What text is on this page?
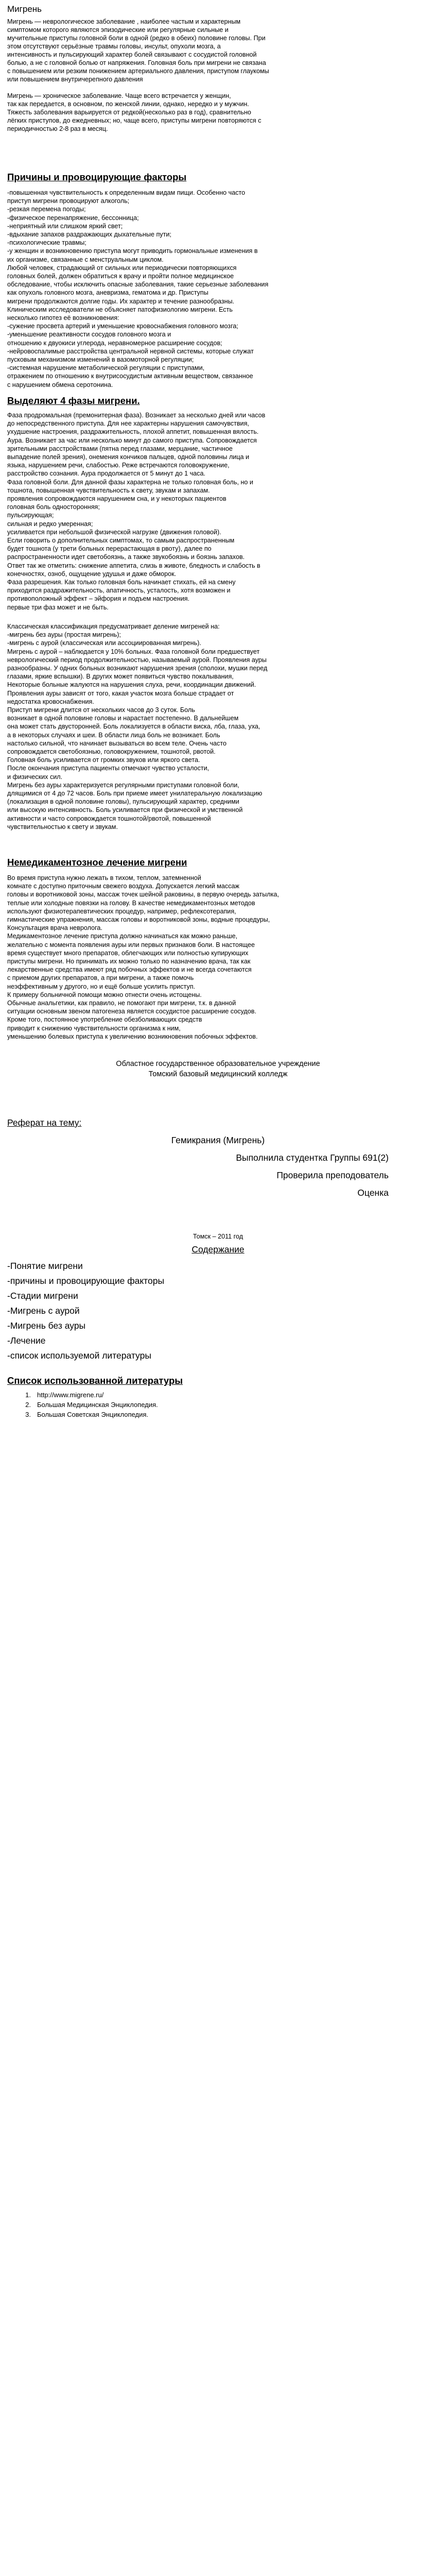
Мигрень
Мигрень — неврологическое заболевание , наиболее частым и характерным
симптомом которого являются эпизодические или регулярные сильные и
мучительные приступы головной боли в одной (редко в обеих) половине головы. При
этом отсутствуют серьёзные травмы головы, инсульт, опухоли мозга, а
интенсивность и пульсирующий характер болей связывают с сосудистой головной
болью, а не с головной болью от напряжения. Головная боль при мигрени не связана
с повышением или резким понижением артериального давления, приступом глаукомы
или повышением внутричерепного давления
Мигрень — хроническое заболевание. Чаще всего встречается у женщин,
так как передается, в основном, по женской линии, однако, нередко и у мужчин.
Тяжесть заболевания варьируется от редкой(несколько раз в год), сравнительно
лёгких приступов, до ежедневных; но, чаще всего, приступы мигрени повторяются с
периодичностью 2-8 раз в месяц.
Причины и провоцирующие факторы
-повышенная чувствительность к определенным видам пищи. Особенно часто
приступ мигрени провоцируют алкоголь;
-резкая перемена погоды;
-физическое перенапряжение, бессонница;
-неприятный или слишком яркий свет;
-вдыхание запахов раздражающих дыхательные пути;
-психологические травмы;
-у женщин и возникновению приступа могут приводить гормональные изменения в
их организме, связанные с менструальным циклом.
Любой человек, страдающий от сильных или периодически повторяющихся
головных болей, должен обратиться к врачу и пройти полное медицинское
обследование, чтобы исключить опасные заболевания, такие серьезные заболевания
как опухоль головного мозга, аневризма, гематома и др. Приступы
мигрени продолжаются долгие годы. Их характер и течение разнообразны.
Клиническим исследователи не объясняет патофизиологию мигрени. Есть
несколько гипотез её возникновения:
-сужение просвета артерий и уменьшение кровоснабжения головного мозга;
-уменьшение реактивности сосудов головного мозга и
отношению к двуокиси углерода, неравномерное расширение сосудов;
-нейровоспалимые расстройства центральной нервной системы, которые служат
пусковым механизмом изменений в вазомоторной регуляции;
-системная нарушение метаболической регуляции с приступами,
отражением по отношению к внутрисосудистым активным веществом, связанное
с нарушением обмена серотонина.
Выделяют 4 фазы мигрени.
Фаза продромальная (премонитерная фаза). Возникает за несколько дней или часов
до непосредственного приступа. Для нее характерны нарушения самочувствия,
ухудшение настроения, раздражительность, плохой аппетит, повышенная вялость.
Аура. Возникает за час или несколько минут до самого приступа. Сопровождается
зрительными расстройствами (пятна перед глазами, мерцание, частичное
выпадение полей зрения), онемения кончиков пальцев, одной половины лица и
языка, нарушением речи, слабостью. Реже встречаются головокружение,
расстройство сознания. Аура продолжается от 5 минут до 1 часа.
Фаза головной боли. Для данной фазы характерна не только головная боль, но и
тошнота, повышенная чувствительность к свету, звукам и запахам.
проявления сопровождаются нарушением сна, и у некоторых пациентов
головная боль односторонняя;
пульсирующая;
сильная и редко умеренная;
усиливается при небольшой физической нагрузке (движения головой).
Если говорить о дополнительных симптомах, то самым распространенным
будет тошнота (у трети больных перерастающая в рвоту), далее по
распространенности идет светобоязнь, а также звукобоязнь и боязнь запахов.
Ответ так же отметить: снижение аппетита, слизь в животе, бледность и слабость в
конечностях, озноб, ощущение удушья и даже обморок.
Фаза разрешения. Как только головная боль начинает стихать, ей на смену
приходится раздражительность, апатичность, усталость, хотя возможен и
противоположный эффект – эйфория и подъем настроения.
первые три фаз может и не быть.
Классическая классификация предусматривает деление мигреней на:
-мигрень без ауры (простая мигрень);
-мигрень с аурой (классическая или ассоциированная мигрень).
Мигрень с аурой – наблюдается у 10% больных. Фаза головной боли предшествует
неврологический период продолжительностью, называемый аурой. Проявления ауры
разнообразны. У одних больных возникают нарушения зрения (сполохи, мушки перед
глазами, яркие вспышки). В других может появиться чувство покалывания,
Некоторые больные жалуются на нарушения слуха, речи, координации движений.
Проявления ауры зависят от того, какая участок мозга больше страдает от
недостатка кровоснабжения.
Приступ мигрени длится от нескольких часов до 3 суток. Боль
возникает в одной половине головы и нарастает постепенно. В дальнейшем
она может стать двусторонней. Боль локализуется в области виска, лба, глаза, уха,
а в некоторых случаях и шеи. В области лица боль не возникает. Боль
настолько сильной, что начинает вызываться во всем теле. Очень часто
сопровождается светобоязнью, головокружением, тошнотой, рвотой.
Головная боль усиливается от громких звуков или яркого света.
После окончания приступа пациенты отмечают чувство усталости,
и физических сил.
Мигрень без ауры характеризуется регулярными приступами головной боли,
длящимися от 4 до 72 часов. Боль при приеме имеет унилатеральную локализацию
(локализация в одной половине головы), пульсирующий характер, средними
или высокую интенсивность. Боль усиливается при физической и умственной
активности и часто сопровождается тошнотой/рвотой, повышенной
чувствительностью к свету и звукам.
Немедикаментозное лечение мигрени
Во время приступа нужно лежать в тихом, теплом, затемненной
комнате с доступно приточным свежего воздуха. Допускается легкий массаж
головы и воротниковой зоны, массаж точек шейной раковины, в первую очередь затылка,
теплые или холодные повязки на голову. В качестве немедикаментозных методов
используют физиотерапевтических процедур, например, рефлексотерапия,
гимнастические упражнения, массаж головы и воротниковой зоны, водные процедуры,
Консультация врача невролога.
Медикаментозное лечение приступа должно начинаться как можно раньше,
желательно с момента появления ауры или первых признаков боли. В настоящее
время существует много препаратов, облегчающих или полностью купирующих
приступы мигрени. Но принимать их можно только по назначению врача, так как
лекарственные средства имеют ряд побочных эффектов и не всегда сочетаются
с приемом других препаратов, а при мигрени, а также помочь
неэффективным у другого, но и ещё больше усилить приступ.
К примеру больничной помощи можно отнести очень истощены.
Обычные анальгетики, как правило, не помогают при мигрени, т.к. в данной
ситуации основным звеном патогенеза является сосудистое расширение сосудов.
Кроме того, постоянное употребление обезболивающих средств
приводит к снижению чувствительности организма к ним,
уменьшению болевых приступа к увеличению возникновения побочных эффектов.
Областное государственное образовательное учреждение
Томский базовый медицинский колледж
Реферат на тему:
Гемикрания (Мигрень)
Выполнила студентка Группы 691(2)
Проверила преподователь
Оценка
Томск – 2011 год
Содержание
-Понятие мигрени
-причины и провоцирующие факторы
-Стадии мигрени
-Мигрень с аурой
-Мигрень без ауры
-Лечение
-список используемой литературы
Список использованной литературы
1. http://www.migrene.ru/
2. Большая Медицинская Энциклопедия.
3. Большая Советская Энциклопедия.
